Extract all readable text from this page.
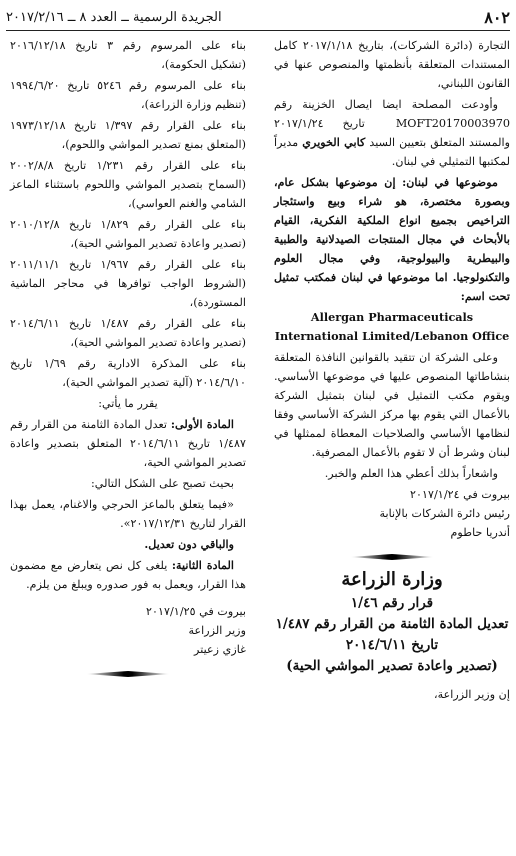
٨٠٢
الجريدة الرسمية ــ العدد ٨ ــ ٢٠١٧/٢/١٦

التجارة (دائرة الشركات)، بتاريخ ٢٠١٧/١/١٨ كامل المستندات المتعلقة بأنظمتها والمنصوص عنها في القانون اللبناني،

وأودعت المصلحة ايضا ايصال الخزينة رقم MOFT20170003970 تاريخ ٢٠١٧/١/٢٤ والمستند المتعلق بتعيين السيد كابي الخويري مديراً لمكتبها التمثيلي في لبنان.

موضوعها في لبنان: إن موضوعها بشكل عام، وبصورة مختصرة، هو شراء وبيع واستئجار التراخيص بجميع انواع الملكية الفكرية، القيام بالأبحاث في مجال المنتجات الصيدلانية والطبية والبيطرية والبيولوجية، وفي مجال العلوم والتكنولوجيا. اما موضوعها في لبنان فمكتب تمثيل تحت اسم:

Allergan Pharmaceuticals International Limited/Lebanon Office

وعلى الشركة ان تتقيد بالقوانين النافذة المتعلقة بنشاطاتها المنصوص عليها في موضوعها الأساسي. ويقوم مكتب التمثيل في لبنان بتمثيل الشركة بالأعمال التي يقوم بها مركز الشركة الأساسي وفقا لنظامها الأساسي والصلاحيات المعطاة لممثلها في لبنان وشرط أن لا تقوم بالأعمال المصرفية.

واشعاراً بذلك أعطي هذا العلم والخبر.

بيروت في ٢٠١٧/١/٢٤

رئيس دائرة الشركات بالإنابة

أندريا حاطوم

وزارة الزراعة
قرار رقم ١/٤٦
تعديل المادة الثامنة من القرار رقم ١/٤٨٧
تاريخ ٢٠١٤/٦/١١
(تصدير واعادة تصدير المواشي الحية)

إن وزير الزراعة،

بناء على المرسوم رقم ٣ تاريخ ٢٠١٦/١٢/١٨ (تشكيل الحكومة)،

بناء على المرسوم رقم ٥٢٤٦ تاريخ ١٩٩٤/٦/٢٠ (تنظيم وزارة الزراعة)،

بناء على القرار رقم ١/٣٩٧ تاريخ ١٩٧٣/١٢/١٨ (المتعلق بمنع تصدير المواشي واللحوم)،

بناء على القرار رقم ١/٢٣١ تاريخ ٢٠٠٢/٨/٨ (السماح بتصدير المواشي واللحوم باستثناء الماعز الشامي والغنم العواسي)،

بناء على القرار رقم ١/٨٢٩ تاريخ ٢٠١٠/١٢/٨ (تصدير واعادة تصدير المواشي الحية)،

بناء على القرار رقم ١/٩٦٧ تاريخ ٢٠١١/١١/١ (الشروط الواجب توافرها في محاجر الماشية المستوردة)،

بناء على القرار رقم ١/٤٨٧ تاريخ ٢٠١٤/٦/١١ (تصدير واعادة تصدير المواشي الحية)،

بناء على المذكرة الادارية رقم ١/٦٩ تاريخ ٢٠١٤/٦/١٠ (آلية تصدير المواشي الحية)،

يقرر ما يأتي:

المادة الأولى: تعدل المادة الثامنة من القرار رقم ١/٤٨٧ تاريخ ٢٠١٤/٦/١١ المتعلق بتصدير واعادة تصدير المواشي الحية،

بحيث تصبح على الشكل التالي:

«فيما يتعلق بالماعز الحرجي والاغنام، يعمل بهذا القرار لتاريخ ٢٠١٧/١٢/٣١».

والباقي دون تعديل.

المادة الثانية: يلغى كل نص يتعارض مع مضمون هذا القرار، ويعمل به فور صدوره ويبلغ من يلزم.

بيروت في ٢٠١٧/١/٢٥

وزير الزراعة

غازي زعيتر
